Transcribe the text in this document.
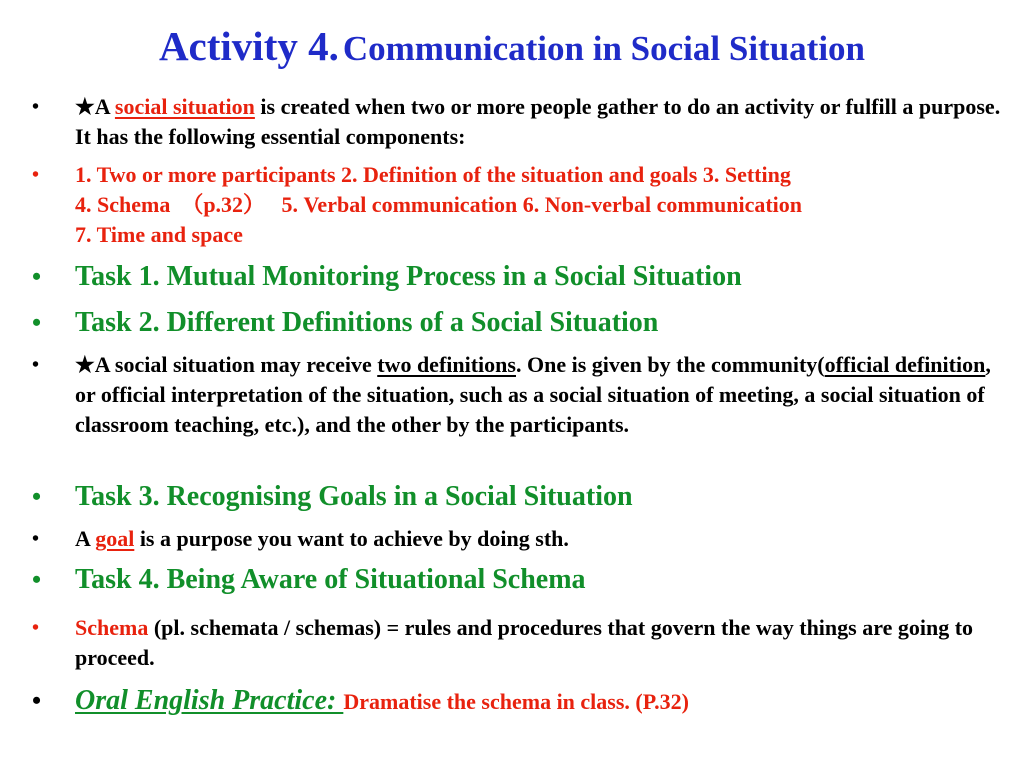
Activity 4. Communication in Social Situation
• ★A social situation is created when two or more people gather to do an activity or fulfill a purpose. It has the following essential components:
• 1. Two or more participants 2. Definition of the situation and goals 3. Setting
4. Schema  （p.32）   5. Verbal communication 6. Non-verbal communication
7. Time and space
• Task 1. Mutual Monitoring Process in a Social Situation
• Task 2. Different Definitions of a Social Situation
• ★A social situation may receive two definitions. One is given by the community(official definition, or official interpretation of the situation, such as a social situation of meeting, a social situation of classroom teaching, etc.), and the other by the participants.
• Task 3. Recognising Goals in a Social Situation
• A goal is a purpose you want to achieve by doing sth.
• Task 4. Being Aware of Situational Schema
• Schema (pl. schemata / schemas) = rules and procedures that govern the way things are going to proceed.
• Oral English Practice: Dramatise the schema in class. (P.32)
